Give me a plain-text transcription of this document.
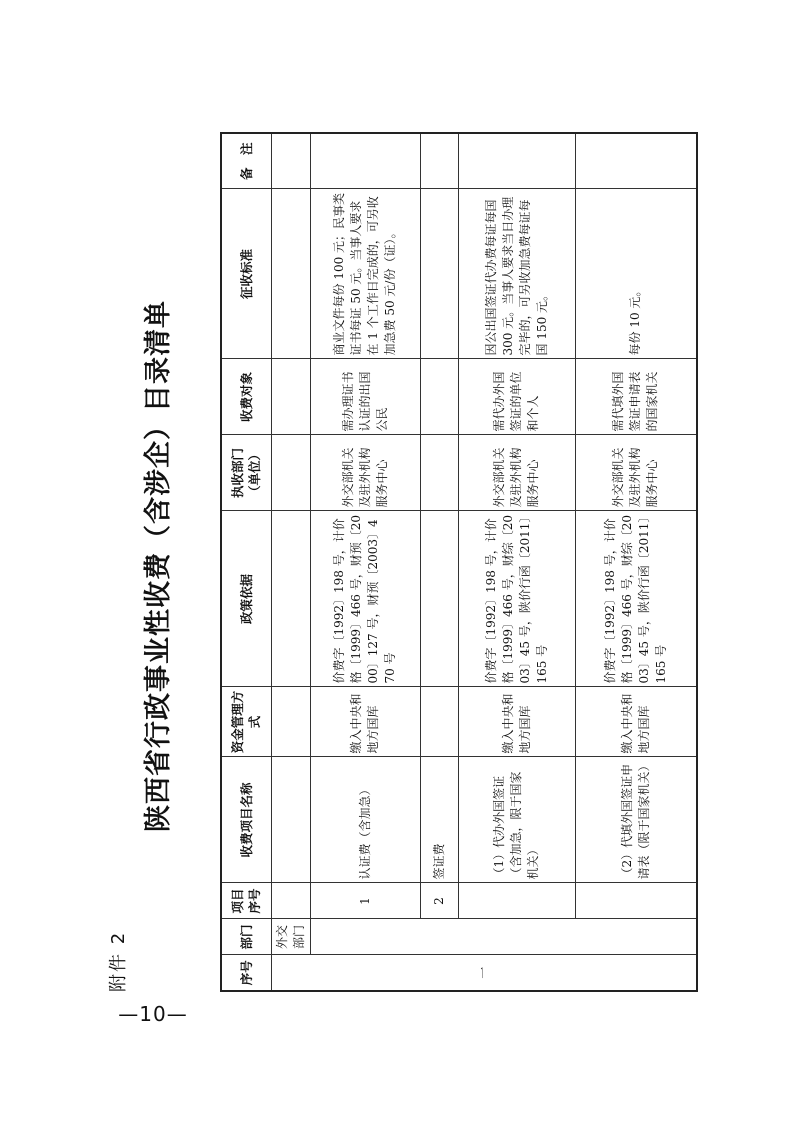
—10—
附件 2
陕西省行政事业性收费（含涉企）目录清单
序号	部门	项目序号	收费项目名称	资金管理方式	政策依据	执收部门（单位）	收费对象	征收标准	备　注
一	外交部门								
		1	认证费（含加急）	缴入中央和地方国库	价费字〔1992〕198 号，计价格〔1999〕466 号，财预〔2000〕127 号，财预〔2003〕470 号	外交部机关及驻外机构服务中心	需办理证书认证的出国公民	商业文件每份 100 元；民事类证书每证 50 元。当事人要求在 1 个工作日完成的，可另收加急费 50 元/份（证）。	
		2	签证费						
			（1）代办外国签证（含加急，限于国家机关）	缴入中央和地方国库	价费字〔1992〕198 号，计价格〔1999〕466 号，财综〔2003〕45 号，陕价行函〔2011〕165 号	外交部机关及驻外机构服务中心	需代办外国签证的单位和个人	因公出国签证代办费每证每国 300 元。当事人要求当日办理完毕的，可另收加急费每证每国 150 元。	
			（2）代填外国签证申请表（限于国家机关）	缴入中央和地方国库	价费字〔1992〕198 号，计价格〔1999〕466 号，财综〔2003〕45 号，陕价行函〔2011〕165 号	外交部机关及驻外机构服务中心	需代填外国签证申请表的国家机关	每份 10 元。	
